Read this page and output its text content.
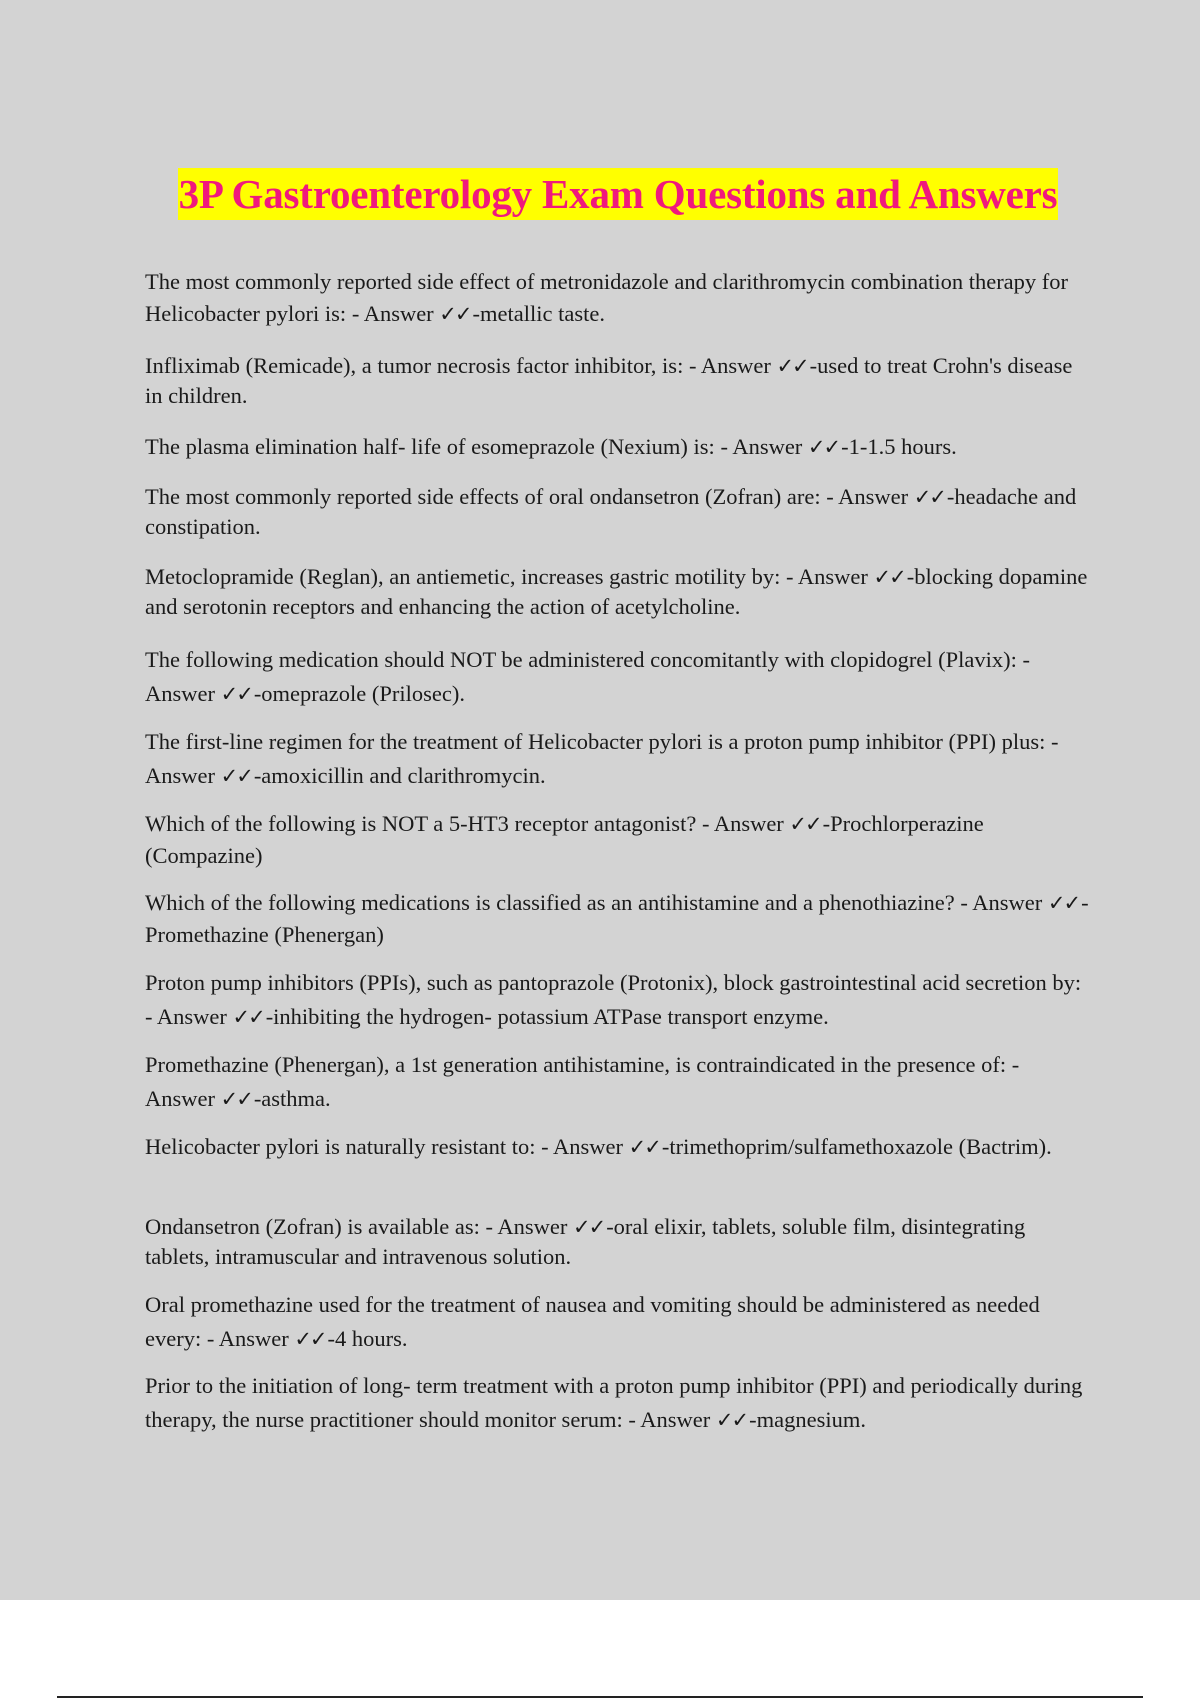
3P Gastroenterology Exam Questions and Answers

The most commonly reported side effect of metronidazole and clarithromycin combination therapy for Helicobacter pylori is: - Answer ✓✓-metallic taste.

Infliximab (Remicade), a tumor necrosis factor inhibitor, is: - Answer ✓✓-used to treat Crohn's disease in children.

The plasma elimination half- life of esomeprazole (Nexium) is: - Answer ✓✓-1-1.5 hours.

The most commonly reported side effects of oral ondansetron (Zofran) are: - Answer ✓✓-headache and constipation.

Metoclopramide (Reglan), an antiemetic, increases gastric motility by: - Answer ✓✓-blocking dopamine and serotonin receptors and enhancing the action of acetylcholine.

The following medication should NOT be administered concomitantly with clopidogrel (Plavix): - Answer ✓✓-omeprazole (Prilosec).

The first-line regimen for the treatment of Helicobacter pylori is a proton pump inhibitor (PPI) plus: - Answer ✓✓-amoxicillin and clarithromycin.

Which of the following is NOT a 5-HT3 receptor antagonist? - Answer ✓✓-Prochlorperazine (Compazine)

Which of the following medications is classified as an antihistamine and a phenothiazine? - Answer ✓✓-Promethazine (Phenergan)

Proton pump inhibitors (PPIs), such as pantoprazole (Protonix), block gastrointestinal acid secretion by: - Answer ✓✓-inhibiting the hydrogen- potassium ATPase transport enzyme.

Promethazine (Phenergan), a 1st generation antihistamine, is contraindicated in the presence of: - Answer ✓✓-asthma.

Helicobacter pylori is naturally resistant to: - Answer ✓✓-trimethoprim/sulfamethoxazole (Bactrim).

Ondansetron (Zofran) is available as: - Answer ✓✓-oral elixir, tablets, soluble film, disintegrating tablets, intramuscular and intravenous solution.

Oral promethazine used for the treatment of nausea and vomiting should be administered as needed every: - Answer ✓✓-4 hours.

Prior to the initiation of long- term treatment with a proton pump inhibitor (PPI) and periodically during therapy, the nurse practitioner should monitor serum: - Answer ✓✓-magnesium.
